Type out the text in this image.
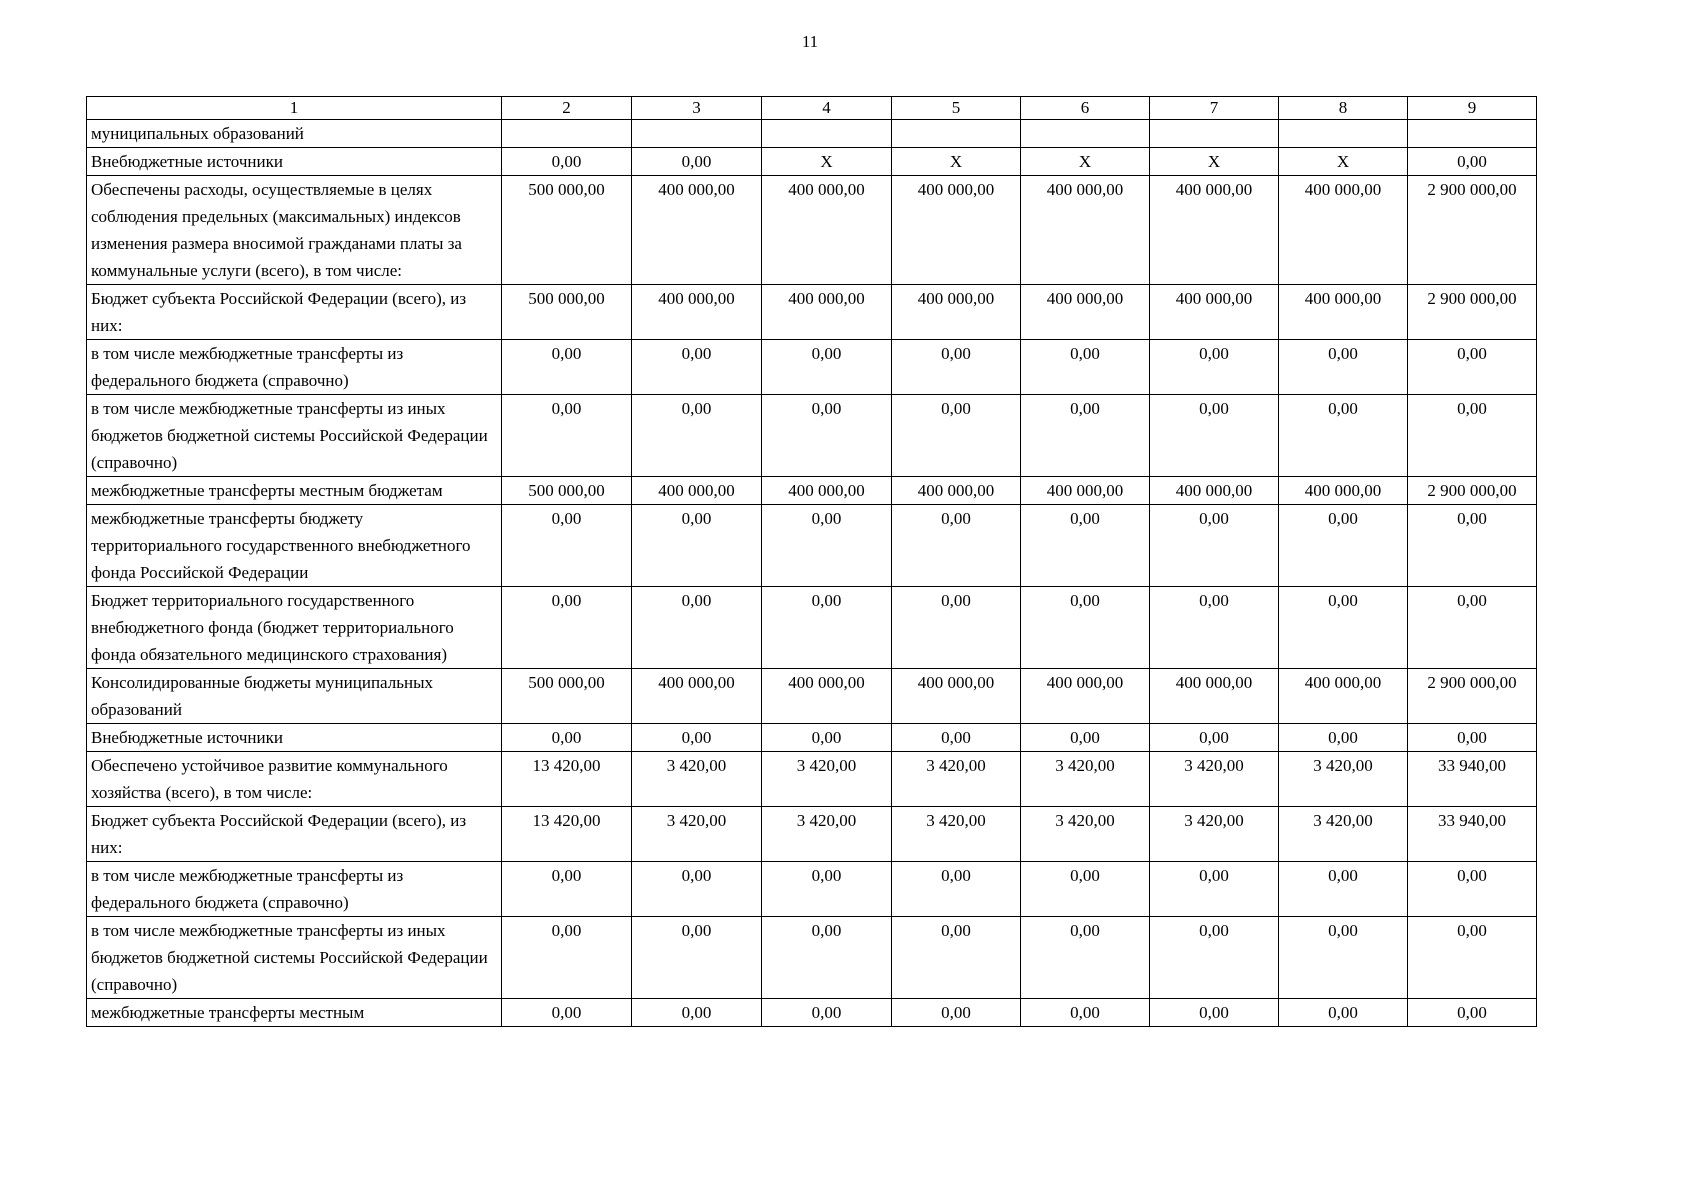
11
1	2	3	4	5	6	7	8	9
муниципальных образований								
Внебюджетные источники	0,00	0,00	X	X	X	X	X	0,00
Обеспечены расходы, осуществляемые в целях соблюдения предельных (максимальных) индексов изменения размера вносимой гражданами платы за коммунальные услуги (всего), в том числе:	500 000,00	400 000,00	400 000,00	400 000,00	400 000,00	400 000,00	400 000,00	2 900 000,00
Бюджет субъекта Российской Федерации (всего), из них:	500 000,00	400 000,00	400 000,00	400 000,00	400 000,00	400 000,00	400 000,00	2 900 000,00
в том числе межбюджетные трансферты из федерального бюджета (справочно)	0,00	0,00	0,00	0,00	0,00	0,00	0,00	0,00
в том числе межбюджетные трансферты из иных бюджетов бюджетной системы Российской Федерации (справочно)	0,00	0,00	0,00	0,00	0,00	0,00	0,00	0,00
межбюджетные трансферты местным бюджетам	500 000,00	400 000,00	400 000,00	400 000,00	400 000,00	400 000,00	400 000,00	2 900 000,00
межбюджетные трансферты бюджету территориального государственного внебюджетного фонда Российской Федерации	0,00	0,00	0,00	0,00	0,00	0,00	0,00	0,00
Бюджет территориального государственного внебюджетного фонда (бюджет территориального фонда обязательного медицинского страхования)	0,00	0,00	0,00	0,00	0,00	0,00	0,00	0,00
Консолидированные бюджеты муниципальных образований	500 000,00	400 000,00	400 000,00	400 000,00	400 000,00	400 000,00	400 000,00	2 900 000,00
Внебюджетные источники	0,00	0,00	0,00	0,00	0,00	0,00	0,00	0,00
Обеспечено устойчивое развитие коммунального хозяйства (всего), в том числе:	13 420,00	3 420,00	3 420,00	3 420,00	3 420,00	3 420,00	3 420,00	33 940,00
Бюджет субъекта Российской Федерации (всего), из них:	13 420,00	3 420,00	3 420,00	3 420,00	3 420,00	3 420,00	3 420,00	33 940,00
в том числе межбюджетные трансферты из федерального бюджета (справочно)	0,00	0,00	0,00	0,00	0,00	0,00	0,00	0,00
в том числе межбюджетные трансферты из иных бюджетов бюджетной системы Российской Федерации (справочно)	0,00	0,00	0,00	0,00	0,00	0,00	0,00	0,00
межбюджетные трансферты местным	0,00	0,00	0,00	0,00	0,00	0,00	0,00	0,00
